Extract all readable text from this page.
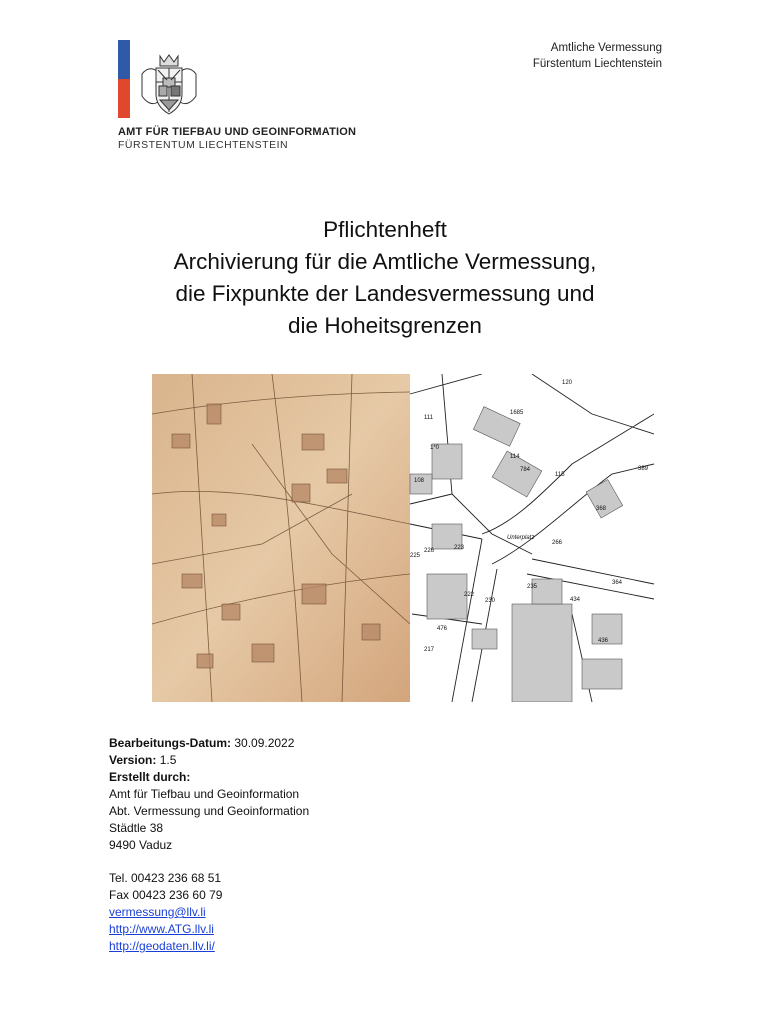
AMT FÜR TIEFBAU UND GEOINFORMATION
FÜRSTENTUM LIECHTENSTEIN
Amtliche Vermessung
Fürstentum Liechtenstein
Pflichtenheft
Archivierung für die Amtliche Vermessung,
die Fixpunkte der Landesvermessung und
die Hoheitsgrenzen
120
111
1685
1*0
114
784
115
389
108
368
226	223
Unterplatz
225
222
235
266
364
434
230
476
436
217
Bearbeitungs-Datum: 30.09.2022
Version: 1.5
Erstellt durch:
Amt für Tiefbau und Geoinformation
Abt. Vermessung und Geoinformation
Städtle 38
9490 Vaduz
Tel. 00423 236 68 51
Fax 00423 236 60 79
vermessung@llv.li
http://www.ATG.llv.li
http://geodaten.llv.li/
